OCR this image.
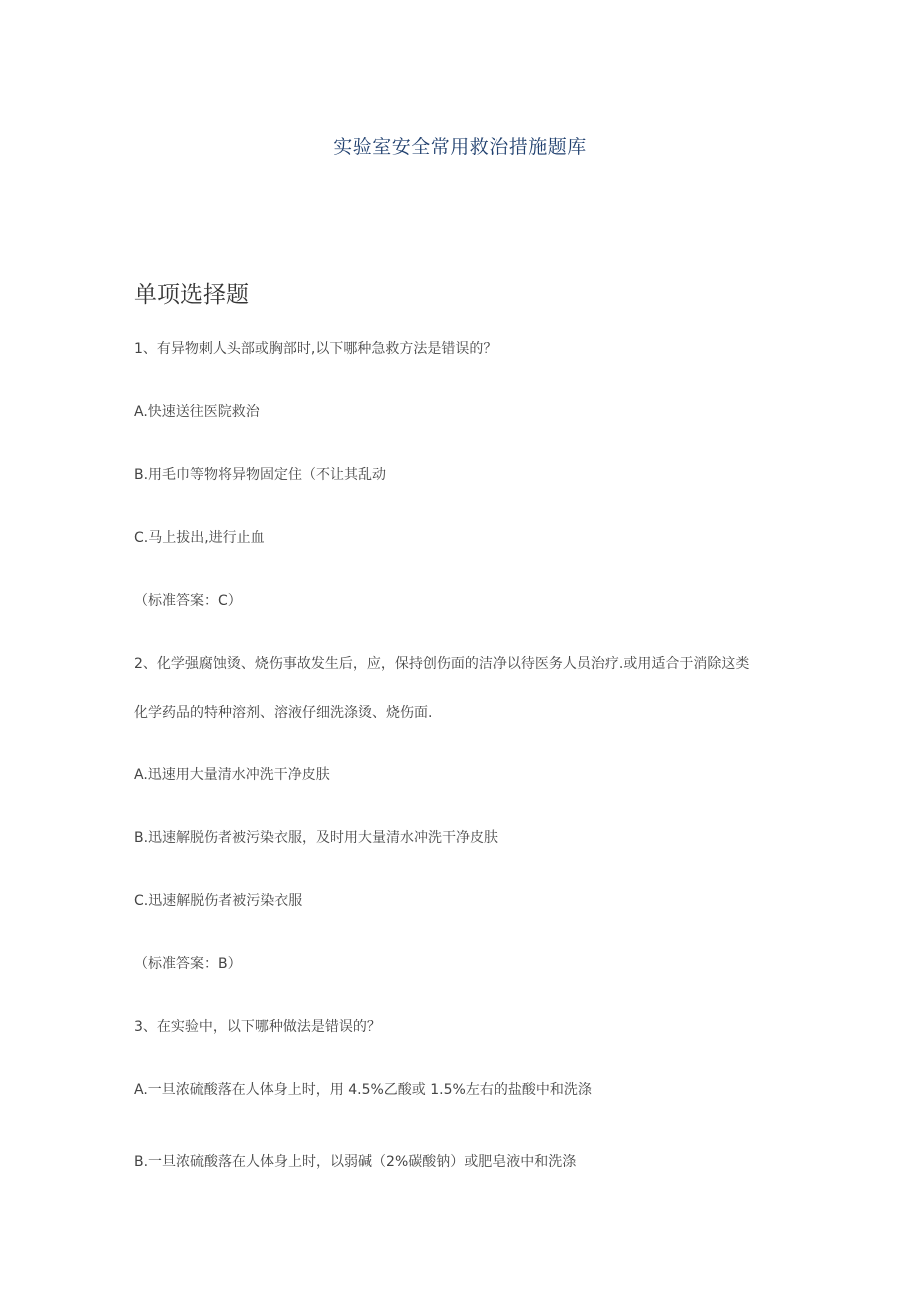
实验室安全常用救治措施题库
单项选择题
1、有异物刺人头部或胸部时,以下哪种急救方法是错误的？
A.快速送往医院救治
B.用毛巾等物将异物固定住（不让其乱动
C.马上拔出,进行止血
（标准答案：C）
2、化学强腐蚀烫、烧伤事故发生后，应，保持创伤面的洁净以待医务人员治疗.或用适合于消除这类
化学药品的特种溶剂、溶液仔细洗涤烫、烧伤面.
A.迅速用大量清水冲洗干净皮肤
B.迅速解脱伤者被污染衣服，及时用大量清水冲洗干净皮肤
C.迅速解脱伤者被污染衣服
（标准答案：B）
3、在实验中，以下哪种做法是错误的？
A.一旦浓硫酸落在人体身上时，用 4.5%乙酸或 1.5%左右的盐酸中和洗涤
B.一旦浓硫酸落在人体身上时，以弱碱（2%碳酸钠）或肥皂液中和洗涤
